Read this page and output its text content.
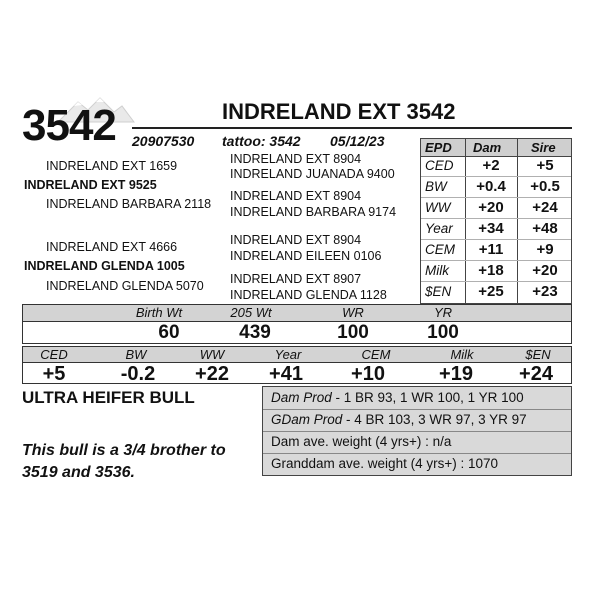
3542	INDRELAND EXT 3542
20907530 tattoo: 3542 05/12/23
INDRELAND EXT 1659
INDRELAND EXT 9525
INDRELAND BARBARA 2118
INDRELAND EXT 8904
INDRELAND JUANADA 9400
INDRELAND EXT 8904
INDRELAND BARBARA 9174
INDRELAND EXT 4666
INDRELAND GLENDA 1005
INDRELAND GLENDA 5070
INDRELAND EXT 8904
INDRELAND EILEEN 0106
INDRELAND EXT 8907
INDRELAND GLENDA 1128
EPD Dam Sire
CED	+2	+5
BW	+0.4	+0.5
WW	+20	+24
Year	+34	+48
CEM	+11	+9
Milk	+18	+20
$EN	+25	+23
Birth Wt	205 Wt	WR	YR
60	439	100	100
CED	BW	WW	Year	CEM	Milk	$EN
+5	-0.2	+22	+41	+10	+19	+24
ULTRA HEIFER BULL
This bull is a 3/4 brother to 3519 and 3536.
Dam Prod - 1 BR 93, 1 WR 100, 1 YR 100
GDam Prod - 4 BR 103, 3 WR 97, 3 YR 97
Dam ave. weight (4 yrs+) : n/a
Granddam ave. weight (4 yrs+) : 1070
